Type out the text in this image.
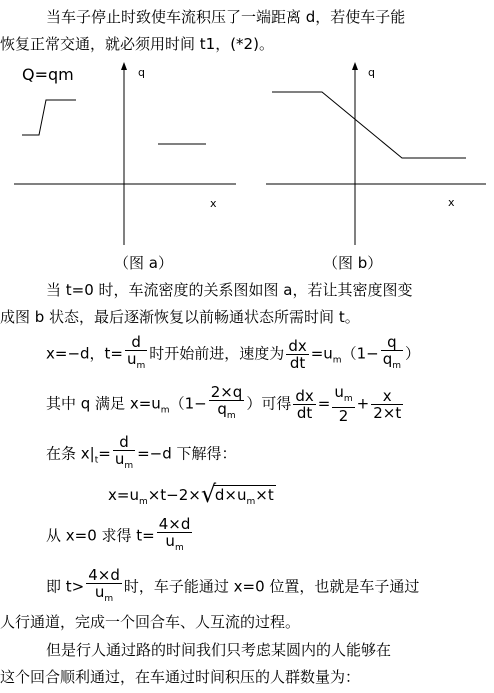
当车子停止时致使车流积压了一端距离 d，若使车子能
恢复正常交通，就必须用时间 t1，(*2)。
Q=qm	q
x
（图 a）
q
x
（图 b）
当 t=0 时，车流密度的关系图如图 a，若让其密度图变
成图 b 状态，最后逐渐恢复以前畅通状态所需时间 t。
x=−d，$t= \frac{d}{u_m}$ 时开始前进，速度为 $\frac{dx}{dt} =u_m(1- \frac{q}{q_m}$ ）
其中 q 满足 $x=u_m(1- \frac{2\times q}{q_m}$ ）可得 $\frac{dx}{dt} = \frac{u_m}{2} + \frac{x}{2\times t}$
在条 $x|_t= \frac{d}{u_m} =-d$ 下解得：
$x=u_m\times t-2\times√$ $d\times u_m\times t$
从 x=0 求得 $t= \frac{4\times d}{u_m}$
即 $t> \frac{4\times d}{u_m}$ 时，车子能通过 x=0 位置，也就是车子通过
人行通道，完成一个回合车、人互流的过程。
但是行人通过路的时间我们只考虑某圆内的人能够在
这个回合顺利通过，在车通过时间积压的人群数量为：
